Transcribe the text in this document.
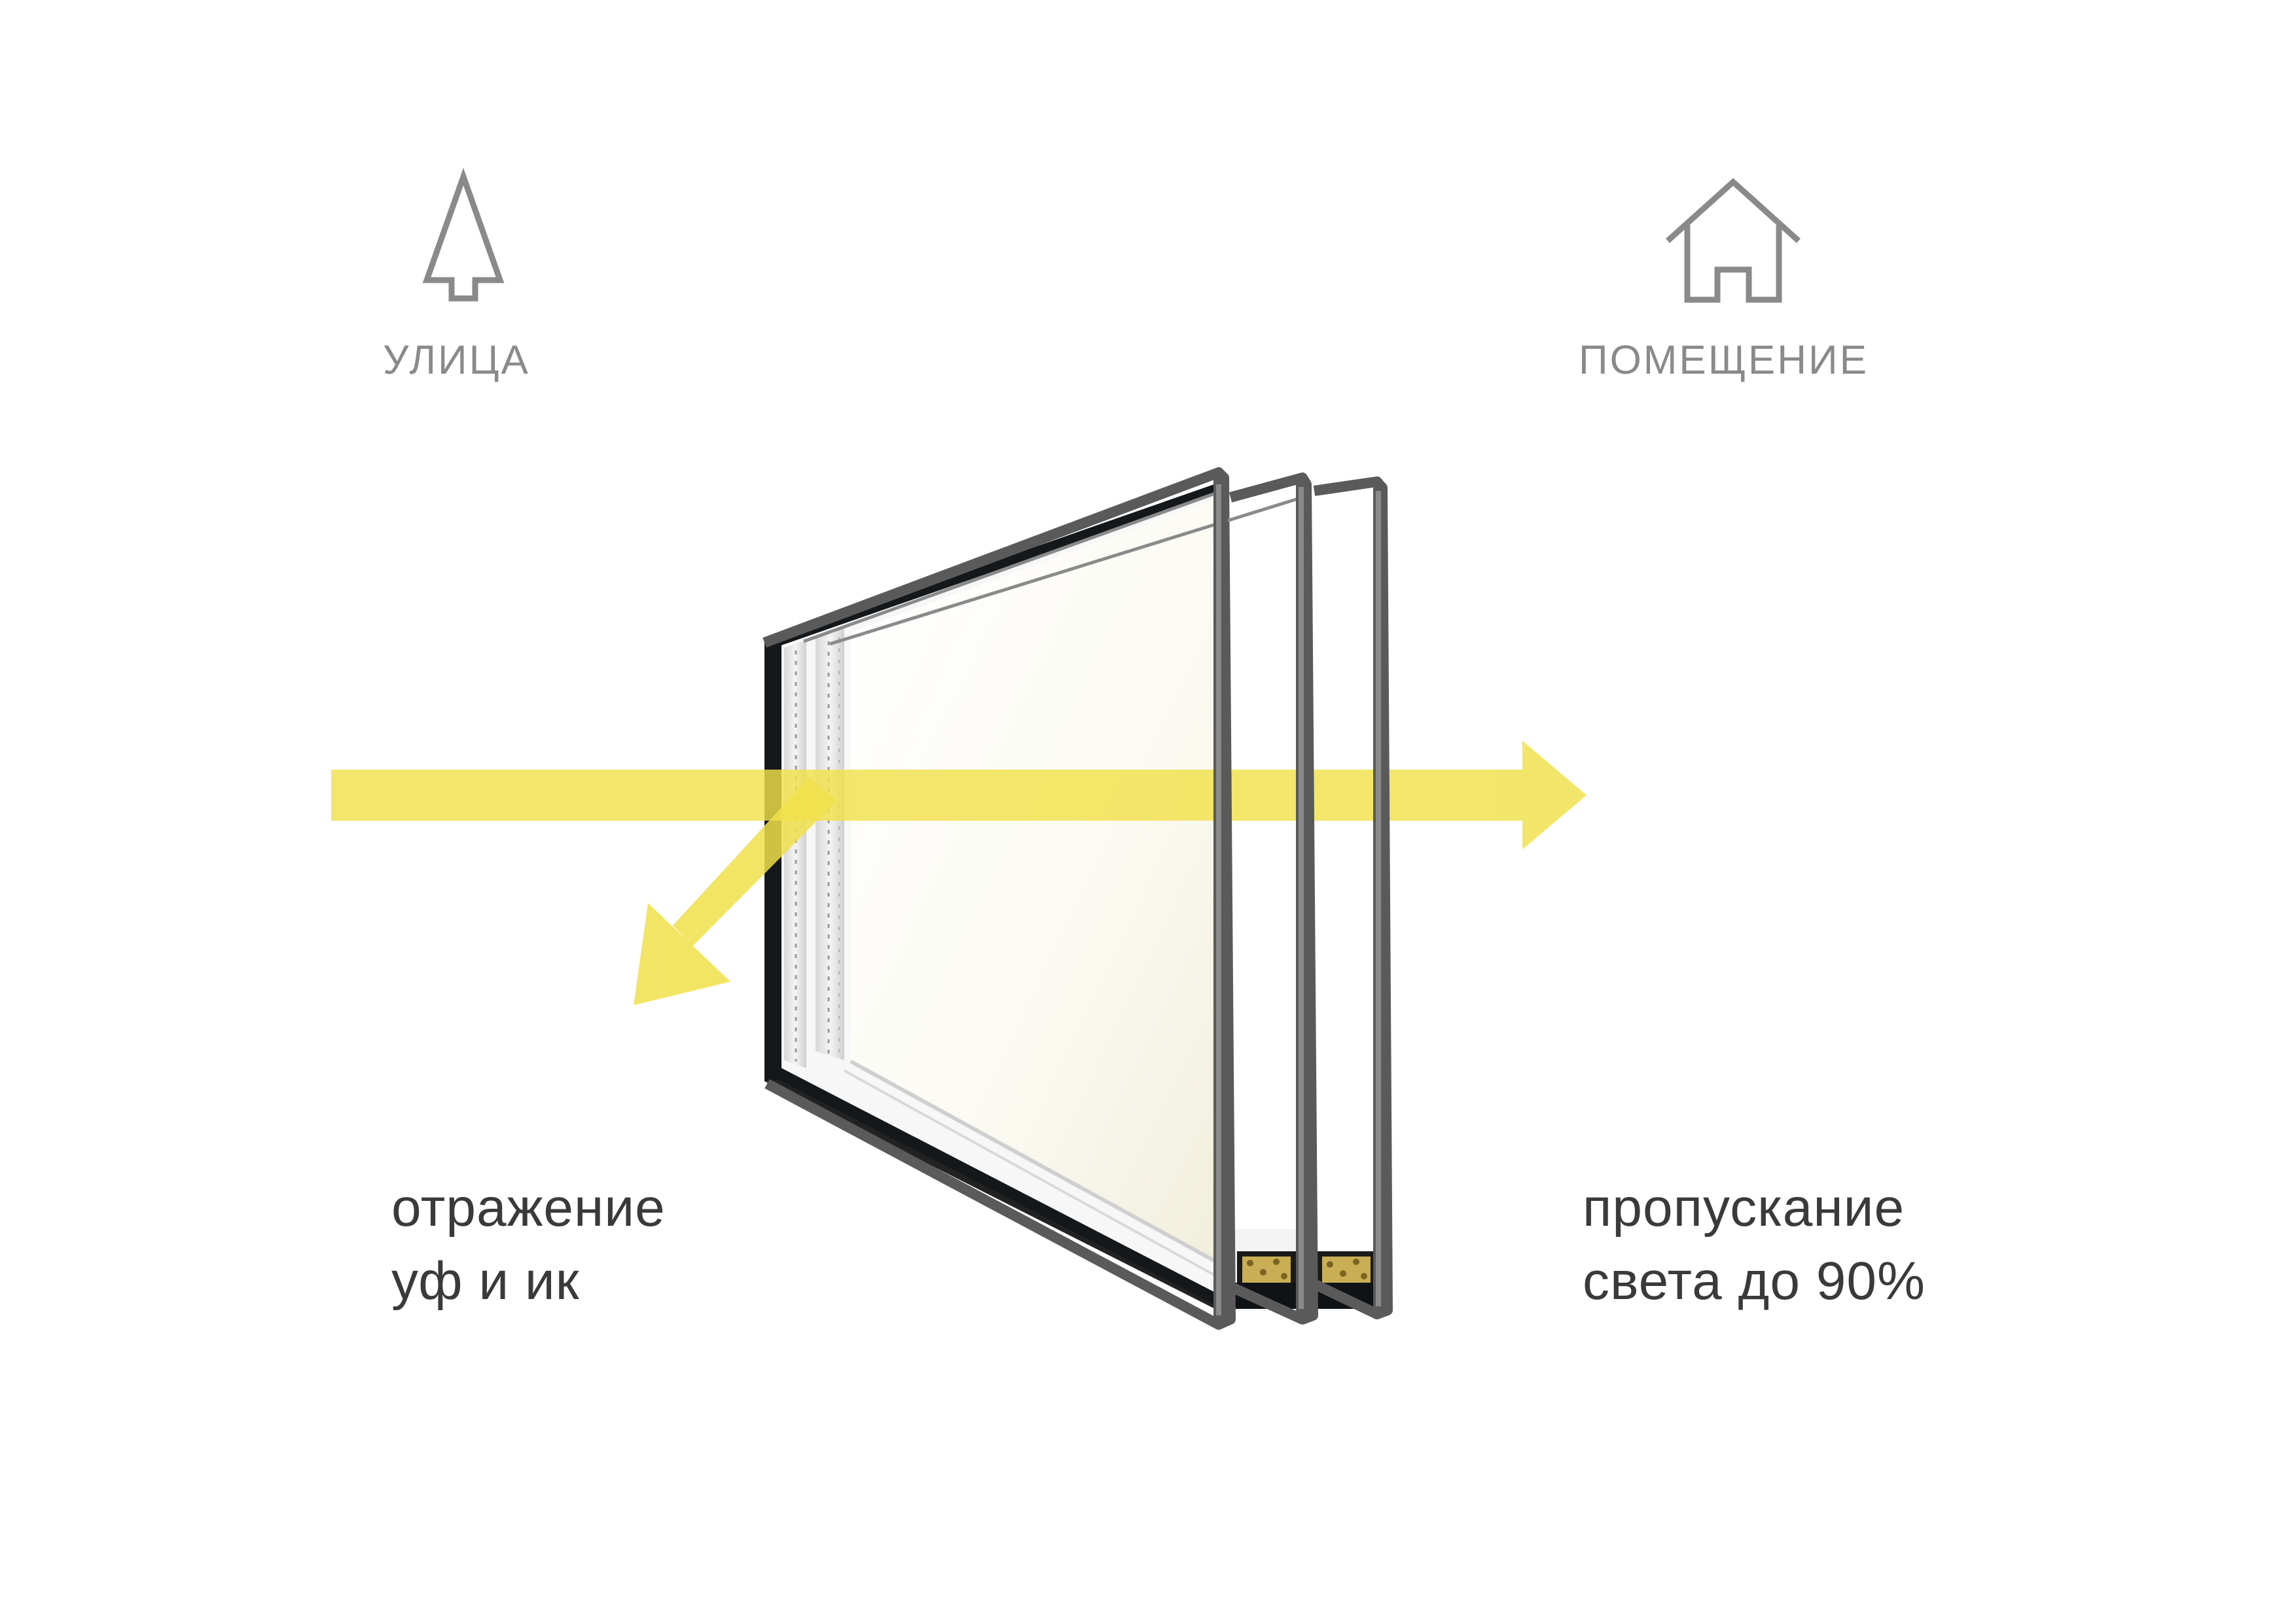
УЛИЦА	ПОМЕЩЕНИЕ
отражение
уф и ик
пропускание
света до 90%
